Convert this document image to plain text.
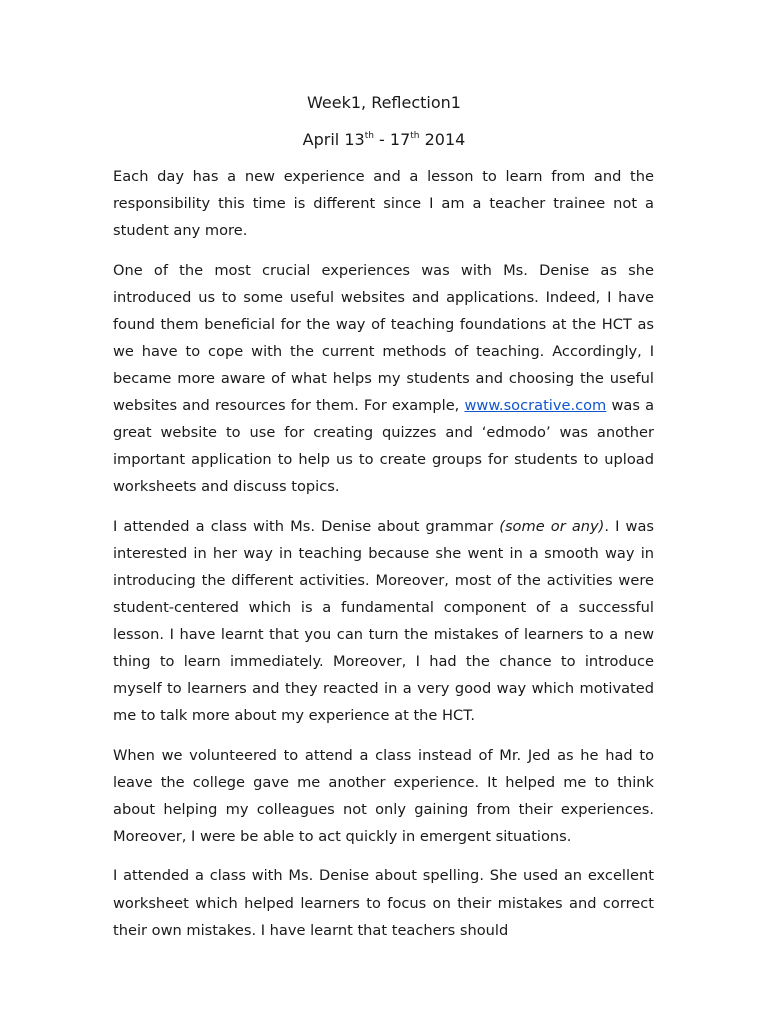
Week1, Reflection1
April 13th - 17th 2014

Each day has a new experience and a lesson to learn from and the responsibility this time is different since I am a teacher trainee not a student any more.

One of the most crucial experiences was with Ms. Denise as she introduced us to some useful websites and applications. Indeed, I have found them beneficial for the way of teaching foundations at the HCT as we have to cope with the current methods of teaching. Accordingly, I became more aware of what helps my students and choosing the useful websites and resources for them. For example, www.socrative.com was a great website to use for creating quizzes and ‘edmodo’ was another important application to help us to create groups for students to upload worksheets and discuss topics.

I attended a class with Ms. Denise about grammar (some or any). I was interested in her way in teaching because she went in a smooth way in introducing the different activities. Moreover, most of the activities were student-centered which is a fundamental component of a successful lesson. I have learnt that you can turn the mistakes of learners to a new thing to learn immediately. Moreover, I had the chance to introduce myself to learners and they reacted in a very good way which motivated me to talk more about my experience at the HCT.

When we volunteered to attend a class instead of Mr. Jed as he had to leave the college gave me another experience. It helped me to think about helping my colleagues not only gaining from their experiences. Moreover, I were be able to act quickly in emergent situations.

I attended a class with Ms. Denise about spelling. She used an excellent worksheet which helped learners to focus on their mistakes and correct their own mistakes. I have learnt that teachers should
